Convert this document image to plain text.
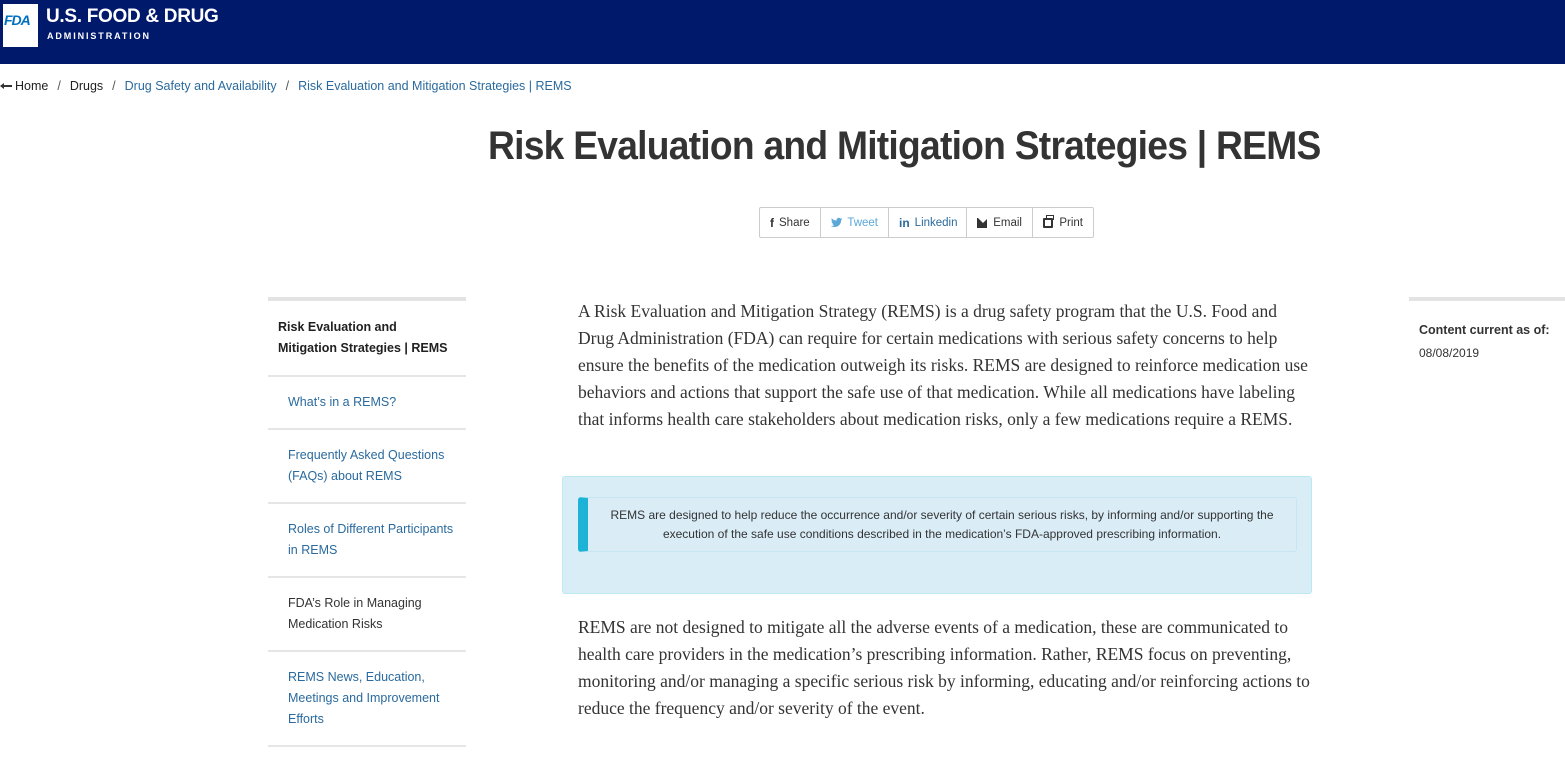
FDA U.S. FOOD & DRUG
ADMINISTRATION
Home / Drugs / Drug Safety and Availability / Risk Evaluation and Mitigation Strategies | REMS
Risk Evaluation and Mitigation Strategies | REMS
f Share	Tweet in Linkedin	Email	Print
Risk Evaluation and Mitigation Strategies | REMS
What’s in a REMS?
Frequently Asked Questions (FAQs) about REMS
Roles of Different Participants in REMS
FDA’s Role in Managing Medication Risks
REMS News, Education, Meetings and Improvement Efforts

A Risk Evaluation and Mitigation Strategy (REMS) is a drug safety program that the U.S. Food and Drug Administration (FDA) can require for certain medications with serious safety concerns to help ensure the benefits of the medication outweigh its risks. REMS are designed to reinforce medication use behaviors and actions that support the safe use of that medication. While all medications have labeling that informs health care stakeholders about medication risks, only a few medications require a REMS.

REMS are designed to help reduce the occurrence and/or severity of certain serious risks, by informing and/or supporting the execution of the safe use conditions described in the medication’s FDA-approved prescribing information.

REMS are not designed to mitigate all the adverse events of a medication, these are communicated to health care providers in the medication’s prescribing information. Rather, REMS focus on preventing, monitoring and/or managing a specific serious risk by informing, educating and/or reinforcing actions to reduce the frequency and/or severity of the event.

Content current as of:
08/08/2019
